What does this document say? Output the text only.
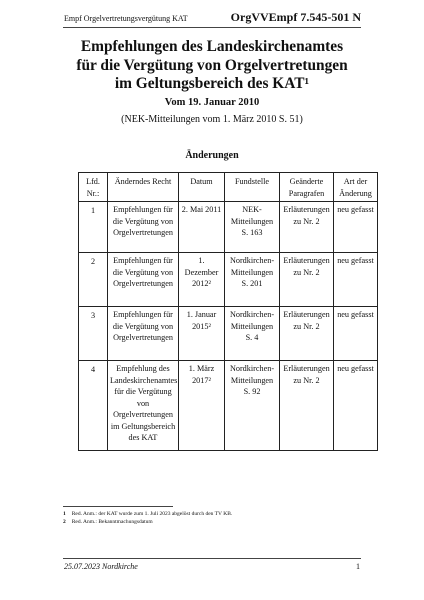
Empf Orgelvertretungsvergütung KAT	OrgVVEmpf 7.545-501 N
Empfehlungen des Landeskirchenamtes
für die Vergütung von Orgelvertretungen
im Geltungsbereich des KAT¹
Vom 19. Januar 2010
(NEK-Mitteilungen vom 1. März 2010 S. 51)
Änderungen
Lfd. Nr.:	Änderndes Recht	Datum	Fundstelle	Geänderte Paragrafen	Art der Änderung
1	Empfehlungen für die Vergütung von Orgelvertretungen	2. Mai 2011	NEK-Mitteilungen S. 163	Erläuterungen zu Nr. 2	neu gefasst
2	Empfehlungen für die Vergütung von Orgelvertretungen	1. Dezember 2012²	Nordkirchen-Mitteilungen S. 201	Erläuterungen zu Nr. 2	neu gefasst
3	Empfehlungen für die Vergütung von Orgelvertretungen	1. Januar 2015²	Nordkirchen-Mitteilungen S. 4	Erläuterungen zu Nr. 2	neu gefasst
4	Empfehlung des Landeskirchenamtes für die Vergütung von Orgelvertretungen im Geltungsbereich des KAT	1. März 2017²	Nordkirchen-Mitteilungen S. 92	Erläuterungen zu Nr. 2	neu gefasst
1 Red. Anm.: der KAT wurde zum 1. Juli 2023 abgelöst durch den TV KB.
2 Red. Anm.: Bekanntmachungsdatum
25.07.2023 Nordkirche	1
